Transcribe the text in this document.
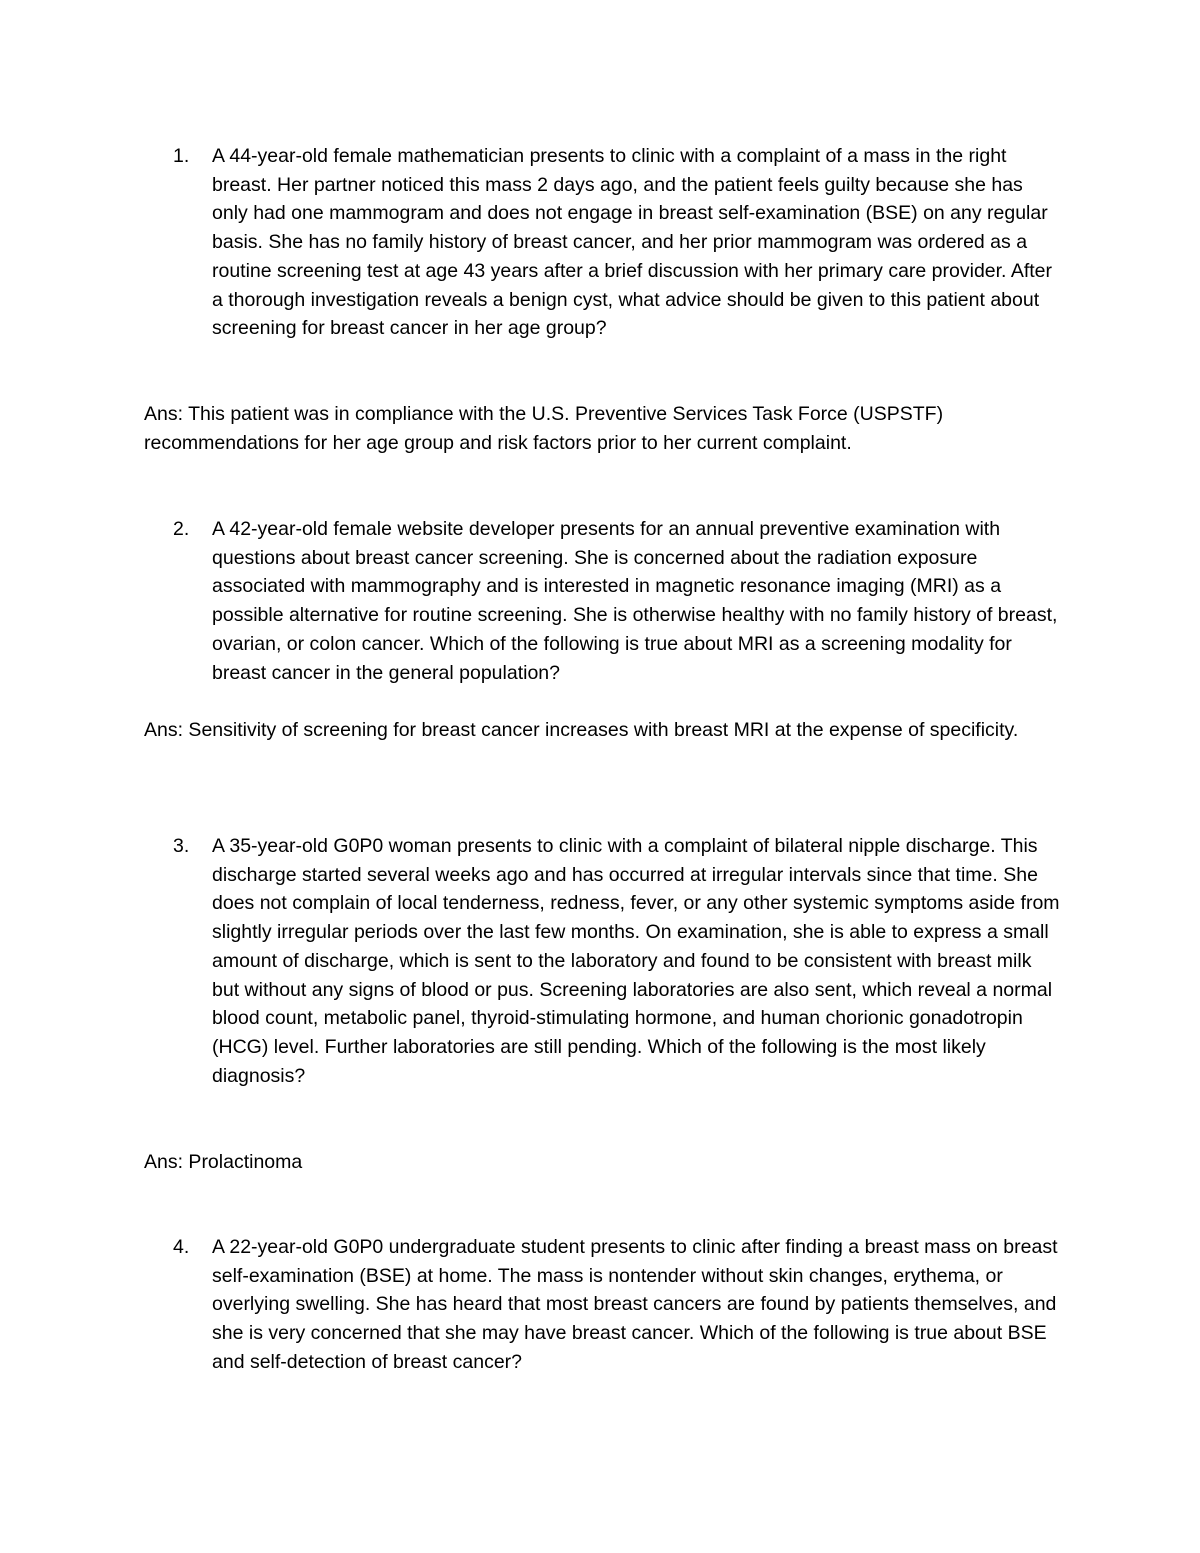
1.	A 44-year-old female mathematician presents to clinic with a complaint of a mass in the right breast. Her partner noticed this mass 2 days ago, and the patient feels guilty because she has only had one mammogram and does not engage in breast self-examination (BSE) on any regular basis. She has no family history of breast cancer, and her prior mammogram was ordered as a routine screening test at age 43 years after a brief discussion with her primary care provider. After a thorough investigation reveals a benign cyst, what advice should be given to this patient about screening for breast cancer in her age group?
Ans: This patient was in compliance with the U.S. Preventive Services Task Force (USPSTF) recommendations for her age group and risk factors prior to her current complaint.
2.	A 42-year-old female website developer presents for an annual preventive examination with questions about breast cancer screening. She is concerned about the radiation exposure associated with mammography and is interested in magnetic resonance imaging (MRI) as a possible alternative for routine screening. She is otherwise healthy with no family history of breast, ovarian, or colon cancer. Which of the following is true about MRI as a screening modality for breast cancer in the general population?
Ans: Sensitivity of screening for breast cancer increases with breast MRI at the expense of specificity.
3.	A 35-year-old G0P0 woman presents to clinic with a complaint of bilateral nipple discharge. This discharge started several weeks ago and has occurred at irregular intervals since that time. She does not complain of local tenderness, redness, fever, or any other systemic symptoms aside from slightly irregular periods over the last few months. On examination, she is able to express a small amount of discharge, which is sent to the laboratory and found to be consistent with breast milk but without any signs of blood or pus. Screening laboratories are also sent, which reveal a normal blood count, metabolic panel, thyroid-stimulating hormone, and human chorionic gonadotropin (HCG) level. Further laboratories are still pending. Which of the following is the most likely diagnosis?
Ans: Prolactinoma
4.	A 22-year-old G0P0 undergraduate student presents to clinic after finding a breast mass on breast self-examination (BSE) at home. The mass is nontender without skin changes, erythema, or overlying swelling. She has heard that most breast cancers are found by patients themselves, and she is very concerned that she may have breast cancer. Which of the following is true about BSE and self-detection of breast cancer?
